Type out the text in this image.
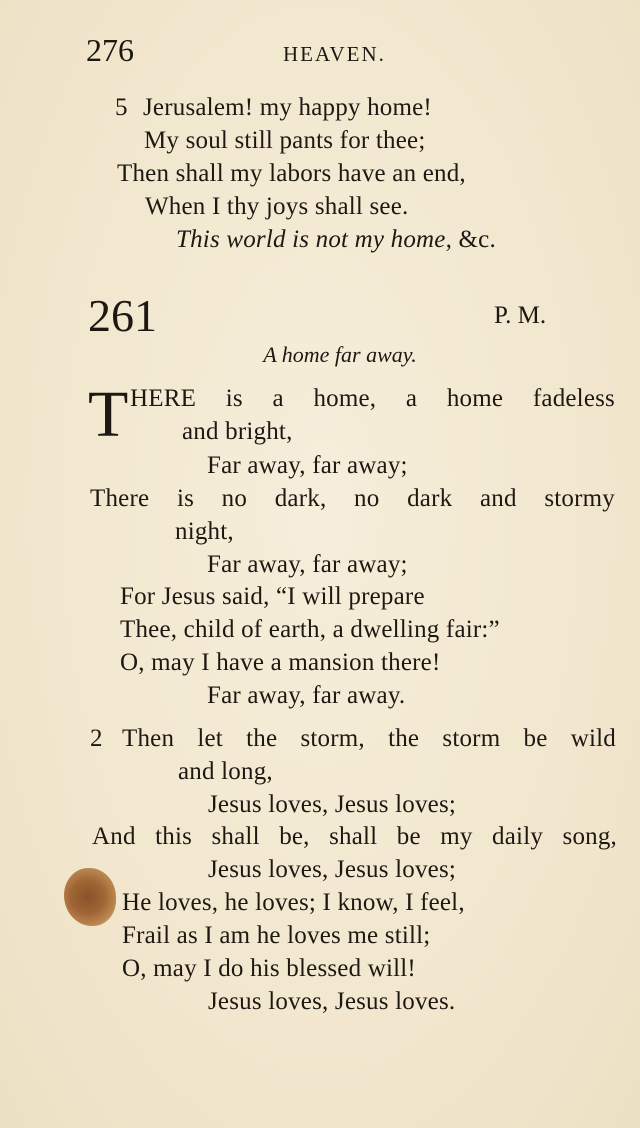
276	HEAVEN.
5 Jerusalem! my happy home!
My soul still pants for thee;
Then shall my labors have an end,
When I thy joys shall see.
This world is not my home, &c.
261	P. M.
A home far away.
T HERE is a home, a home fadeless
and bright,
Far away, far away;
There is no dark, no dark and stormy
night,
Far away, far away;
For Jesus said, “I will prepare
Thee, child of earth, a dwelling fair:”
O, may I have a mansion there!
Far away, far away.
2 Then let the storm, the storm be wild
and long,
Jesus loves, Jesus loves;
And this shall be, shall be my daily song,
Jesus loves, Jesus loves;
He loves, he loves; I know, I feel,
Frail as I am he loves me still;
O, may I do his blessed will!
Jesus loves, Jesus loves.
